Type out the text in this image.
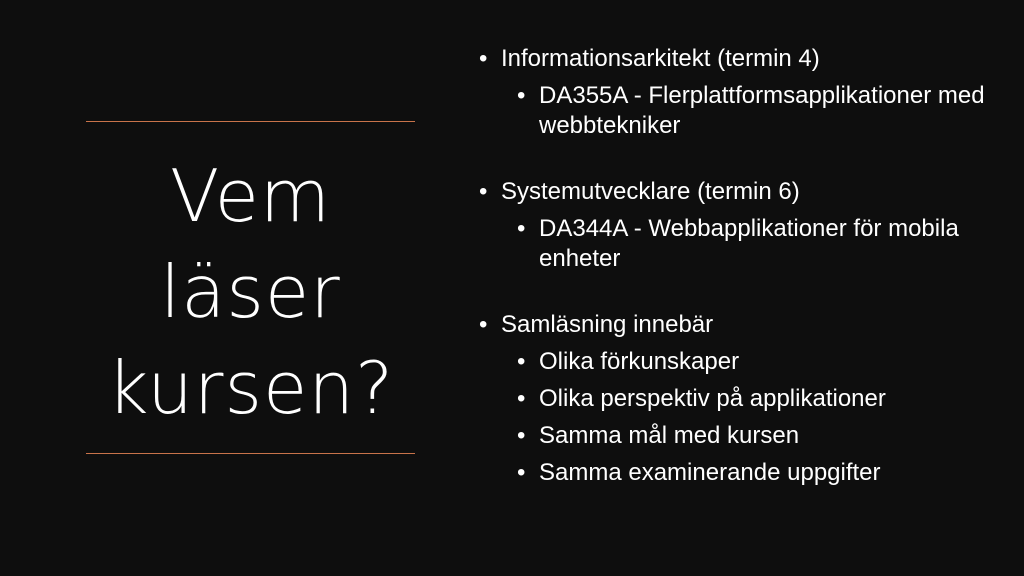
Vem
läser
kursen?
• Informationsarkitekt (termin 4)
• DA355A - Flerplattformsapplikationer med webbtekniker
• Systemutvecklare (termin 6)
• DA344A - Webbapplikationer för mobila enheter
• Samläsning innebär
• Olika förkunskaper
• Olika perspektiv på applikationer
• Samma mål med kursen
• Samma examinerande uppgifter
